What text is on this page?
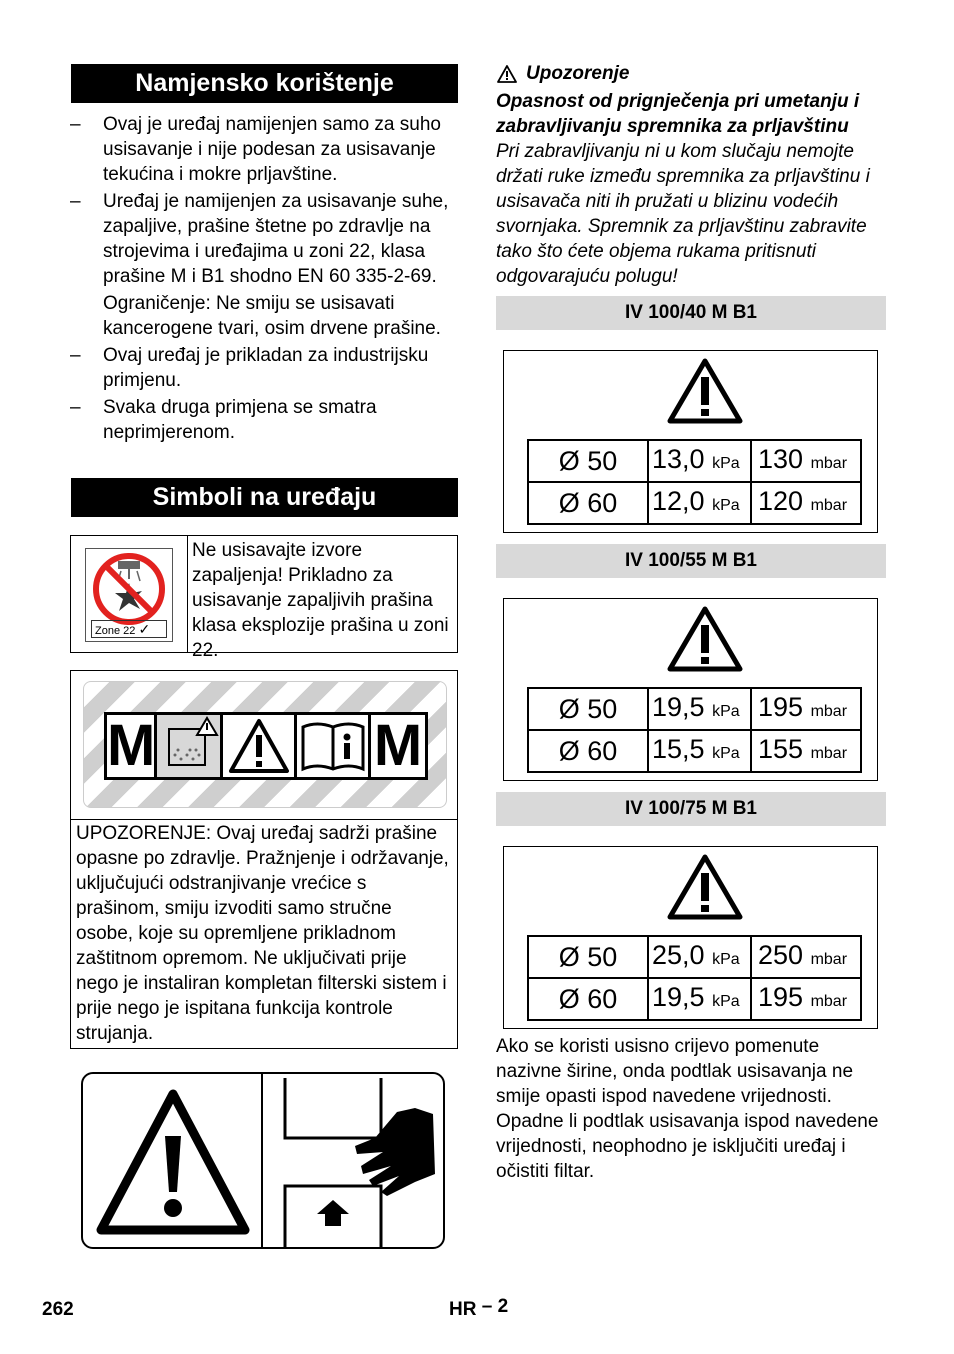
Namjensko korištenje
–	Ovaj je uređaj namijenjen samo za suho usisavanje i nije podesan za usisavanje tekućina i mokre prljavštine.
–	Uređaj je namijenjen za usisavanje suhe, zapaljive, prašine štetne po zdravlje na strojevima i uređajima u zoni 22, klasa prašine M i B1 shodno EN 60 335-2-69.
Ograničenje: Ne smiju se usisavati kancerogene tvari, osim drvene prašine.
–	Ovaj uređaj je prikladan za industrijsku primjenu.
–	Svaka druga primjena se smatra neprimjerenom.
Simboli na uređaju
Zone 22 ✓
Ne usisavajte izvore zapaljenja! Prikladno za usisavanje zapaljivih prašina klasa eksplozije prašina u zoni 22.
M	M
UPOZORENJE: Ovaj uređaj sadrži prašine opasne po zdravlje. Pražnjenje i održavanje, uključujući odstranjivanje vrećice s prašinom, smiju izvoditi samo stručne osobe, koje su opremljene prikladnom zaštitnom opremom. Ne uključivati prije nego je instaliran kompletan filterski sistem i prije nego je ispitana funkcija kontrole strujanja.
Upozorenje
Opasnost od prignječenja pri umetanju i zabravljivanju spremnika za prljavštinu
Pri zabravljivanju ni u kom slučaju nemojte držati ruke između spremnika za prljavštinu i usisavača niti ih pružati u blizinu vodećih svornjaka. Spremnik za prljavštinu zabravite tako što ćete objema rukama pritisnuti odgovarajuću polugu!
IV 100/40 M B1
Ø 50	13,0 kPa	130 mbar
Ø 60	12,0 kPa	120 mbar
IV 100/55 M B1
Ø 50	19,5 kPa	195 mbar
Ø 60	15,5 kPa	155 mbar
IV 100/75 M B1
Ø 50	25,0 kPa	250 mbar
Ø 60	19,5 kPa	195 mbar
Ako se koristi usisno crijevo pomenute nazivne širine, onda podtlak usisavanja ne smije opasti ispod navedene vrijednosti. Opadne li podtlak usisavanja ispod navedene vrijednosti, neophodno je isključiti uređaj i očistiti filtar.
262	HR – 2
